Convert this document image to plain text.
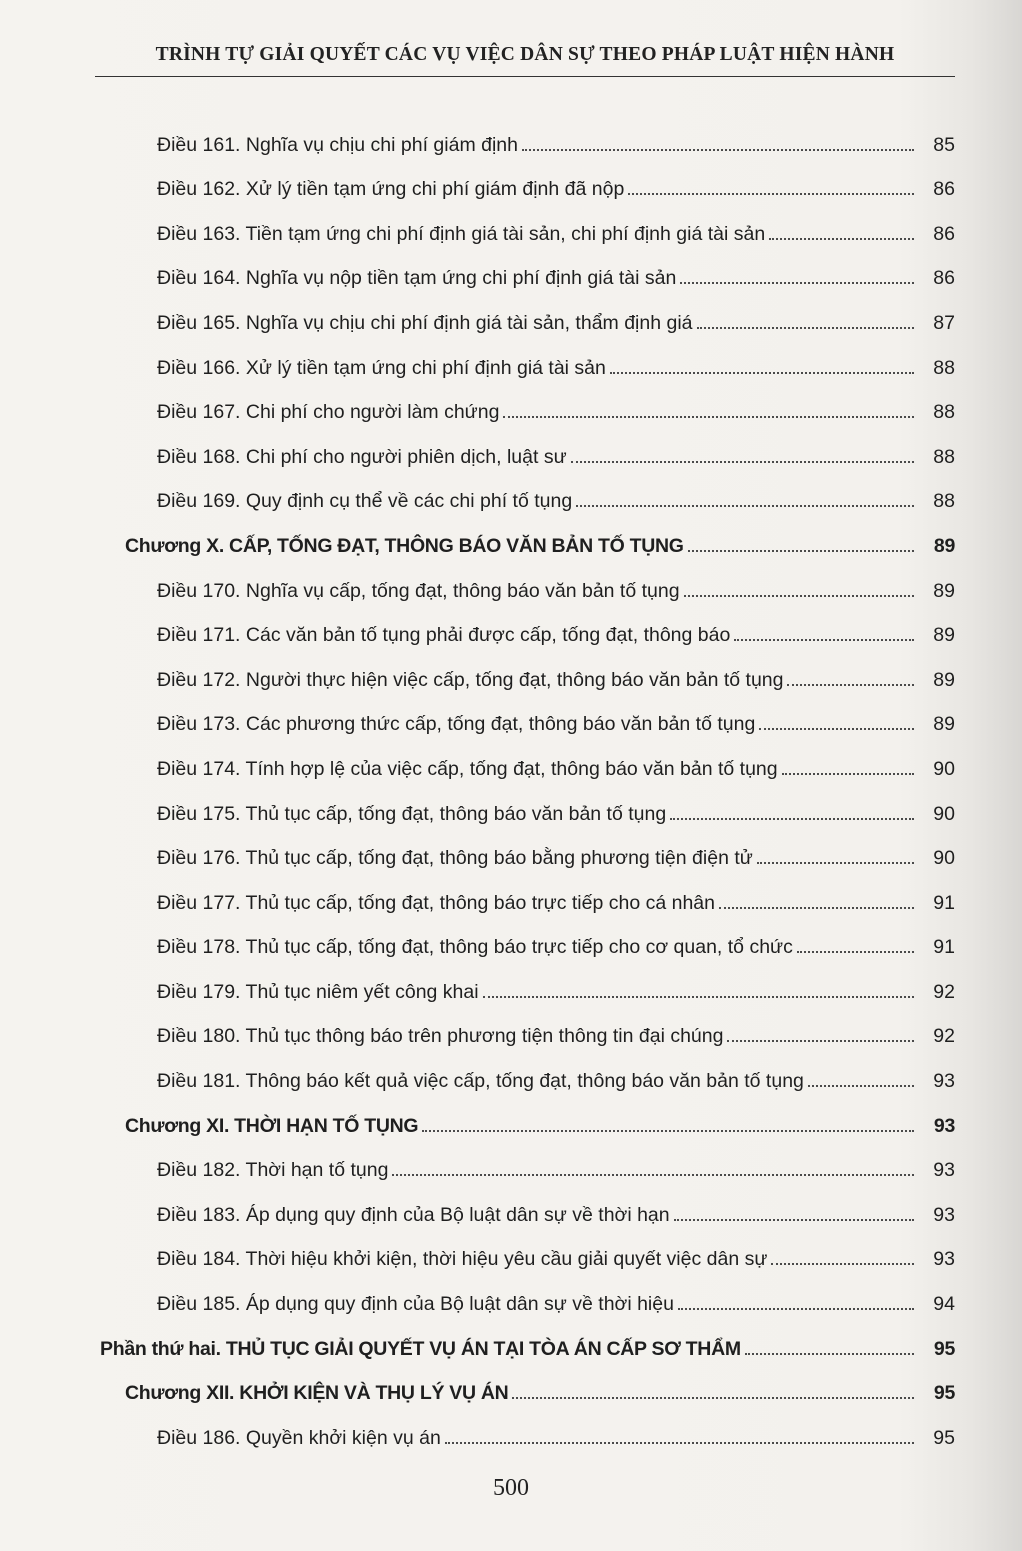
TRÌNH TỰ GIẢI QUYẾT CÁC VỤ VIỆC DÂN SỰ THEO PHÁP LUẬT HIỆN HÀNH
Điều 161. Nghĩa vụ chịu chi phí giám định	85
Điều 162. Xử lý tiền tạm ứng chi phí giám định đã nộp	86
Điều 163. Tiền tạm ứng chi phí định giá tài sản, chi phí định giá tài sản	86
Điều 164. Nghĩa vụ nộp tiền tạm ứng chi phí định giá tài sản	86
Điều 165. Nghĩa vụ chịu chi phí định giá tài sản, thẩm định giá	87
Điều 166. Xử lý tiền tạm ứng chi phí định giá tài sản	88
Điều 167. Chi phí cho người làm chứng	88
Điều 168. Chi phí cho người phiên dịch, luật sư	88
Điều 169. Quy định cụ thể về các chi phí tố tụng	88
Chương X. CẤP, TỐNG ĐẠT, THÔNG BÁO VĂN BẢN TỐ TỤNG	89
Điều 170. Nghĩa vụ cấp, tống đạt, thông báo văn bản tố tụng	89
Điều 171. Các văn bản tố tụng phải được cấp, tống đạt, thông báo	89
Điều 172. Người thực hiện việc cấp, tống đạt, thông báo văn bản tố tụng	89
Điều 173. Các phương thức cấp, tống đạt, thông báo văn bản tố tụng	89
Điều 174. Tính hợp lệ của việc cấp, tống đạt, thông báo văn bản tố tụng	90
Điều 175. Thủ tục cấp, tống đạt, thông báo văn bản tố tụng	90
Điều 176. Thủ tục cấp, tống đạt, thông báo bằng phương tiện điện tử	90
Điều 177. Thủ tục cấp, tống đạt, thông báo trực tiếp cho cá nhân	91
Điều 178. Thủ tục cấp, tống đạt, thông báo trực tiếp cho cơ quan, tổ chức	91
Điều 179. Thủ tục niêm yết công khai	92
Điều 180. Thủ tục thông báo trên phương tiện thông tin đại chúng	92
Điều 181. Thông báo kết quả việc cấp, tống đạt, thông báo văn bản tố tụng	93
Chương XI. THỜI HẠN TỐ TỤNG	93
Điều 182. Thời hạn tố tụng	93
Điều 183. Áp dụng quy định của Bộ luật dân sự về thời hạn	93
Điều 184. Thời hiệu khởi kiện, thời hiệu yêu cầu giải quyết việc dân sự	93
Điều 185. Áp dụng quy định của Bộ luật dân sự về thời hiệu	94
Phần thứ hai. THỦ TỤC GIẢI QUYẾT VỤ ÁN TẠI TÒA ÁN CẤP SƠ THẨM	95
Chương XII. KHỞI KIỆN VÀ THỤ LÝ VỤ ÁN	95
Điều 186. Quyền khởi kiện vụ án	95
500
